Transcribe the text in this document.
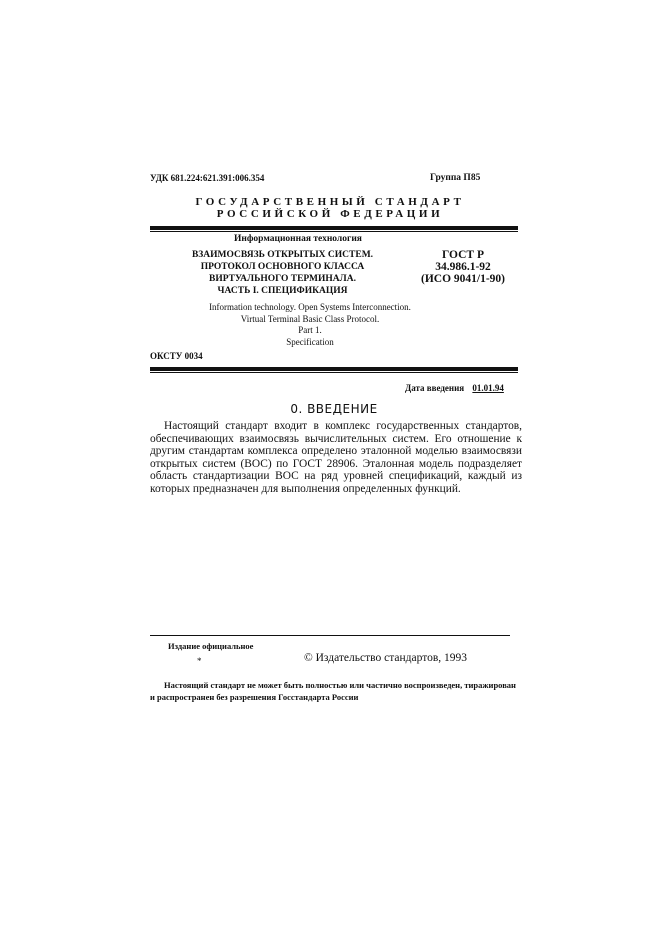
УДК 681.224:621.391:006.354	Группа П85
ГОСУДАРСТВЕННЫЙ СТАНДАРТ
РОССИЙСКОЙ ФЕДЕРАЦИИ
Информационная технология
ВЗАИМОСВЯЗЬ ОТКРЫТЫХ СИСТЕМ.
ПРОТОКОЛ ОСНОВНОГО КЛАССА
ВИРТУАЛЬНОГО ТЕРМИНАЛА.
ЧАСТЬ I. СПЕЦИФИКАЦИЯ
ГОСТ Р
34.986.1-92
(ИСО 9041/1-90)
Information technology. Open Systems Interconnection.
Virtual Terminal Basic Class Protocol.
Part 1.
Specification
ОКСТУ 0034
Дата введения 01.01.94
0. ВВЕДЕНИЕ
Настоящий стандарт входит в комплекс государственных стандартов, обеспечивающих взаимосвязь вычислительных систем. Его отношение к другим стандартам комплекса определено эталонной моделью взаимосвязи открытых систем (ВОС) по ГОСТ 28906. Эталонная модель подразделяет область стандартизации ВОС на ряд уровней спецификаций, каждый из которых предназначен для выполнения определенных функций.
Издание официальное
*	© Издательство стандартов, 1993
Настоящий стандарт не может быть полностью или частично воспроизведен, тиражирован и распространен без разрешения Госстандарта России
